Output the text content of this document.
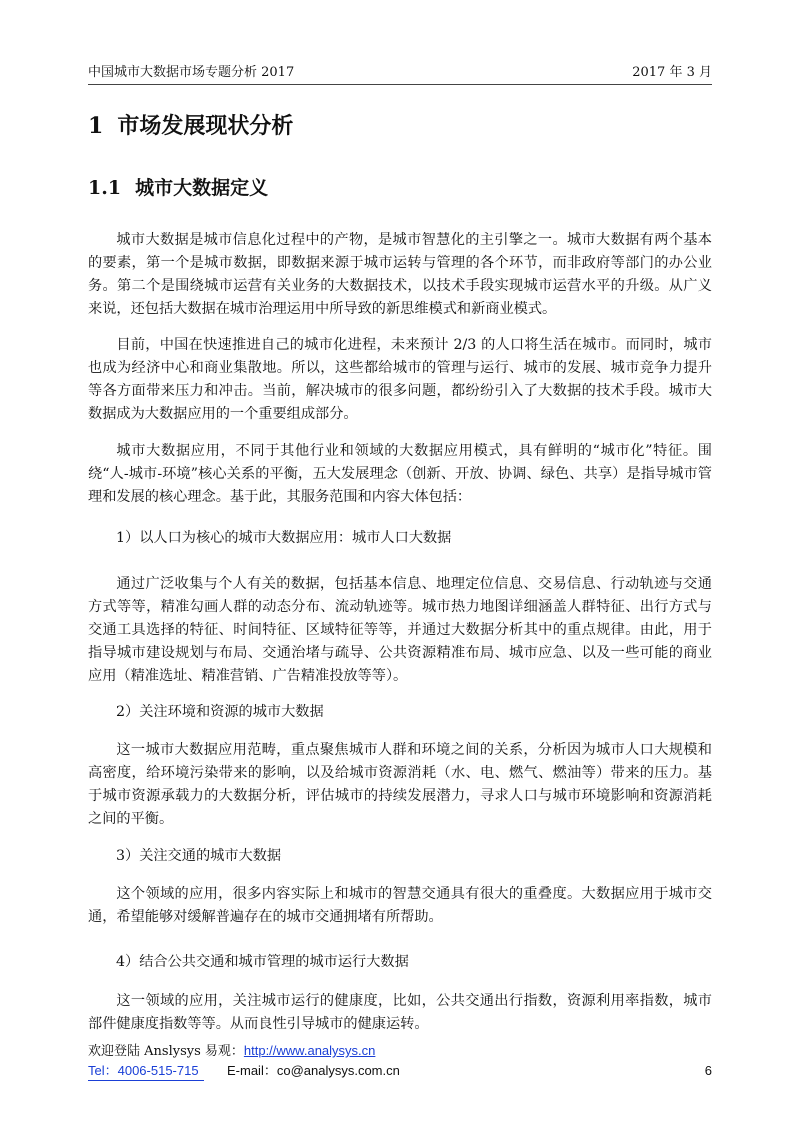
中国城市大数据市场专题分析 2017	2017 年 3 月
1 市场发展现状分析
1.1 城市大数据定义

城市大数据是城市信息化过程中的产物，是城市智慧化的主引擎之一。城市大数据有两个基本的要素，第一个是城市数据，即数据来源于城市运转与管理的各个环节，而非政府等部门的办公业务。第二个是围绕城市运营有关业务的大数据技术，以技术手段实现城市运营水平的升级。从广义来说，还包括大数据在城市治理运用中所导致的新思维模式和新商业模式。

目前，中国在快速推进自己的城市化进程，未来预计 2/3 的人口将生活在城市。而同时，城市也成为经济中心和商业集散地。所以，这些都给城市的管理与运行、城市的发展、城市竞争力提升等各方面带来压力和冲击。当前，解决城市的很多问题，都纷纷引入了大数据的技术手段。城市大数据成为大数据应用的一个重要组成部分。

城市大数据应用，不同于其他行业和领域的大数据应用模式，具有鲜明的“城市化”特征。围绕“人-城市-环境”核心关系的平衡，五大发展理念（创新、开放、协调、绿色、共享）是指导城市管理和发展的核心理念。基于此，其服务范围和内容大体包括：

1）以人口为核心的城市大数据应用：城市人口大数据

通过广泛收集与个人有关的数据，包括基本信息、地理定位信息、交易信息、行动轨迹与交通方式等等，精准勾画人群的动态分布、流动轨迹等。城市热力地图详细涵盖人群特征、出行方式与交通工具选择的特征、时间特征、区域特征等等，并通过大数据分析其中的重点规律。由此，用于指导城市建设规划与布局、交通治堵与疏导、公共资源精准布局、城市应急、以及一些可能的商业应用（精准选址、精准营销、广告精准投放等等）。

2）关注环境和资源的城市大数据

这一城市大数据应用范畴，重点聚焦城市人群和环境之间的关系，分析因为城市人口大规模和高密度，给环境污染带来的影响，以及给城市资源消耗（水、电、燃气、燃油等）带来的压力。基于城市资源承载力的大数据分析，评估城市的持续发展潜力，寻求人口与城市环境影响和资源消耗之间的平衡。

3）关注交通的城市大数据

这个领域的应用，很多内容实际上和城市的智慧交通具有很大的重叠度。大数据应用于城市交通，希望能够对缓解普遍存在的城市交通拥堵有所帮助。

4）结合公共交通和城市管理的城市运行大数据

这一领域的应用，关注城市运行的健康度，比如，公共交通出行指数，资源利用率指数，城市部件健康度指数等等。从而良性引导城市的健康运转。

欢迎登陆 Anslysys 易观：http://www.analysys.cn
Tel：4006-515-715 E-mail：co@analysys.com.cn	6
